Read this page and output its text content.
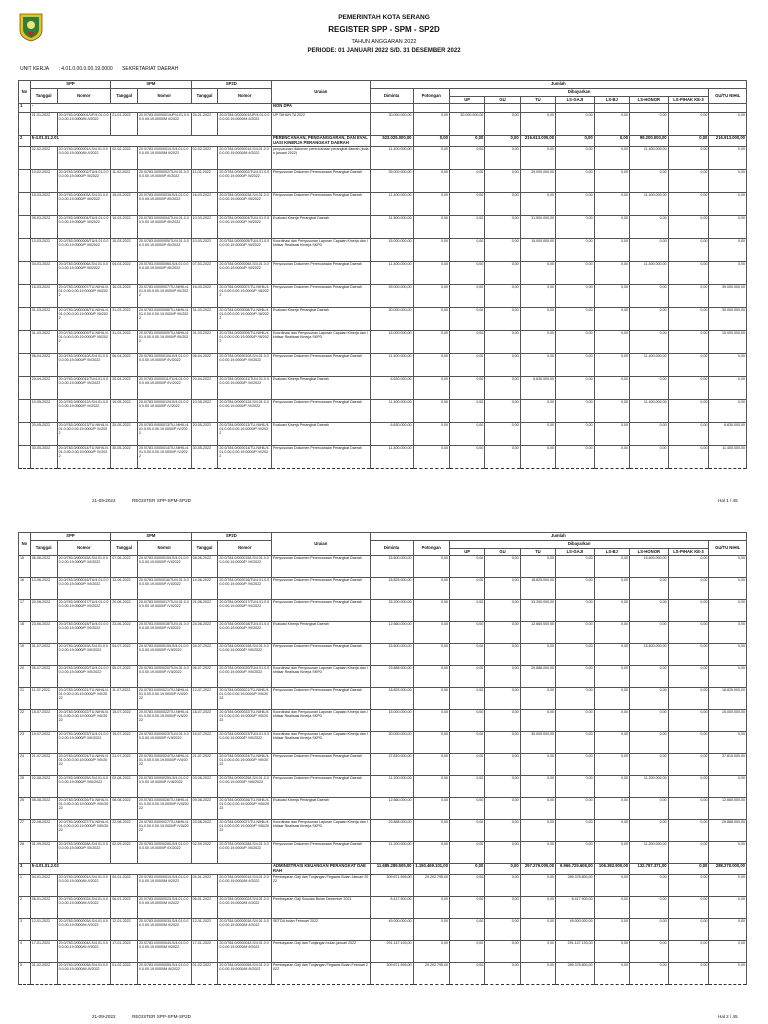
PEMERINTAH KOTA SERANG
REGISTER SPP - SPM - SP2D
TAHUN ANGGARAN 2022
PERIODE: 01 JANUARI 2022 S/D. 31 DESEMBER 2022
UNIT KERJA : 4.01.0.00.0.00.19.0000 SEKRETARIAT DAERAH
No	SPP		SPM		SP2D		Uraian	Jumlah									
	Tanggal	Nomor	Tanggal	Nomor	Tanggal	Nomor		Diminta	Potongan	Dibayarkan							GU/TU NIHIL
										UP	GU	TU	LS-GAJI	LS-BJ	LS-HONOR	LS-PIHAK KE-3	
1	-						NON DPA										
	21-01-2022	20.0/783.0/000001/UP/4.01.0.00.0.00.19.0000/M /I/2022	21-01-2022	20.0/783.0/000001/UP/4.01.0.00.0.00.19.0000/M /I/2022	24-01-2022	20.0/784.0/000001/UP/4.01.0.00.0.00.19.0000/M /I/2022	UP TAHUN TA 2022	30.000.000,00	0,00	30.000.000,00	0,00	0,00	0,00	0,00	0,00	0,00	0,00
2	5-4.01.01.2.01						PERENCANAAN, PENGANGGARAN, DAN EVALUASI KINERJA PERANGKAT DAERAH	523.025.000,00	0,00	0,00	0,00	216.613.000,00	0,00	0,00	99.200.000,00	0,00	216.913.000,00
	02-02-2022	20.0/783.0/000001/LS/4.01.0.00.0.00.19.0000/M /I/2022	02-02-2022	20.0/783.0/000001/LS/4.01.0.00.0.00.19.0000/M /I/2022	02-02-2022	20.0/784.0/000001/LS/4.01.0.00.0.00.19.0000/M /I/2022	penyusunan dokumen perencanaan perangkat daerah (bulan januari 2022)	11.400.000,00	0,00	0,00	0,00	0,00	0,00	0,00	11.400.000,00	0,00	0,00
	10-02-2022	20.0/783.0/000002/TU/4.01.0.00.0.00.19.0000/P /II/2022	11-02-2022	20.0/783.0/000002/TU/4.01.0.00.0.00.19.0000/P /II/2022	11-02-2022	20.0/784.0/000002/TU/4.01.0.00.0.00.19.0000/P /II/2022	Penyusunan Dokumen Perencanaan Perangkat Daerah	39.000.000,00	0,00	0,00	0,00	39.000.000,00	0,00	0,00	0,00	0,00	0,00
	15-03-2022	20.0/783.0/000003/LS/4.01.0.00.0.00.19.0000/P /III/2022	15-03-2022	20.0/783.0/000003/LS/4.01.0.00.0.00.19.0000/P /III/2022	16-03-2022	20.0/784.0/000003/LS/4.01.0.00.0.00.19.0000/P /III/2022	Penyusunan Dokumen Perencanaan Perangkat Daerah	11.400.000,00	0,00	0,00	0,00	0,00	0,00	0,00	11.400.000,00	0,00	0,00
	09-03-2022	20.0/783.0/000004/TU/4.01.0.00.0.00.19.0000/P /III/2022	10-03-2022	20.0/783.0/000004/TU/4.01.0.00.0.00.19.0000/P /III/2022	10-03-2022	20.0/784.0/000004/TU/4.01.0.00.0.00.19.0000/P /III/2022	Evaluasi Kinerja Perangkat Daerah	31.500.000,00	0,00	0,00	0,00	31.500.000,00	0,00	0,00	0,00	0,00	0,00
	10-03-2022	20.0/783.0/000005/TU/4.01.0.00.0.00.19.0000/P /III/2022	10-03-2022	20.0/783.0/000005/TU/4.01.0.00.0.00.19.0000/P /III/2022	10-03-2022	20.0/784.0/000005/TU/4.01.0.00.0.00.19.0000/P /III/2022	Koordinasi dan Penyusunan Laporan Capaian Kinerja dan Ikhtisar Realisasi Kinerja SKPD	15.000.000,00	0,00	0,00	0,00	15.000.000,00	0,00	0,00	0,00	0,00	0,00
	04-03-2022	20.0/783.0/000006/LS/4.01.0.00.0.00.19.0000/P /III/2022	04-03-2022	20.0/783.0/000006/LS/4.01.0.00.0.00.19.0000/P /III/2022	07-03-2022	20.0/784.0/000006/LS/4.01.0.00.0.00.19.0000/P /III/2022	Penyusunan Dokumen Perencanaan Perangkat Daerah	11.400.000,00	0,00	0,00	0,00	0,00	0,00	0,00	11.400.000,00	0,00	0,00
	16-03-2022	20.0/783.0/000007/TU-NIHIL/4.01.0.00.0.00.19.0000/P /III/2022	16-03-2022	20.0/783.0/000007/TU-NIHIL/4.01.0.00.0.00.19.0000/P /III/2022	16-03-2022	20.0/784.0/000007/TU-NIHIL/4.01.0.00.0.00.19.0000/P /III/2022	Penyusunan Dokumen Perencanaan Perangkat Daerah	39.000.000,00	0,00	0,00	0,00	0,00	0,00	0,00	0,00	0,00	39.000.000,00
	31-03-2022	20.0/783.0/000008/TU-NIHIL/4.01.0.00.0.00.19.0000/P /III/2022	31-03-2022	20.0/783.0/000008/TU-NIHIL/4.01.0.00.0.00.19.0000/P /III/2022	31-03-2022	20.0/784.0/000008/TU-NIHIL/4.01.0.00.0.00.19.0000/P /III/2022	Evaluasi Kinerja Perangkat Daerah	30.000.000,00	0,00	0,00	0,00	0,00	0,00	0,00	0,00	0,00	30.000.000,00
	31-03-2022	20.0/783.0/000009/TU-NIHIL/4.01.0.00.0.00.19.0000/P /III/2022	31-03-2022	20.0/783.0/000009/TU-NIHIL/4.01.0.00.0.00.19.0000/P /III/2022	31-03-2022	20.0/784.0/000009/TU-NIHIL/4.01.0.00.0.00.19.0000/P /III/2022	Koordinasi dan Penyusunan Laporan Capaian Kinerja dan Ikhtisar Realisasi Kinerja SKPD	15.000.000,00	0,00	0,00	0,00	0,00	0,00	0,00	0,00	0,00	15.000.000,00
	06-04-2022	20.0/783.0/000010/LS/4.01.0.00.0.00.19.0000/P /IV/2022	06-04-2022	20.0/783.0/000010/LS/4.01.0.00.0.00.19.0000/P /IV/2022	06-04-2022	20.0/784.0/000010/LS/4.01.0.00.0.00.19.0000/P /IV/2022	Penyusunan Dokumen Perencanaan Perangkat Daerah	11.400.000,00	0,00	0,00	0,00	0,00	0,00	0,00	11.400.000,00	0,00	0,00
	20-04-2022	20.0/783.0/000011/TU/4.01.0.00.0.00.19.0000/P /IV/2022	20-04-2022	20.0/783.0/000011/TU/4.01.0.00.0.00.19.0000/P /IV/2022	20-04-2022	20.0/784.0/000011/TU/4.01.0.00.0.00.19.0000/P /IV/2022	Evaluasi Kinerja Perangkat Daerah	6.630.000,00	0,00	0,00	0,00	6.630.000,00	0,00	0,00	0,00	0,00	0,00
	10-05-2022	20.0/783.0/000012/LS/4.01.0.00.0.00.19.0000/P /V/2022	10-05-2022	20.0/783.0/000012/LS/4.01.0.00.0.00.19.0000/P /V/2022	10-05-2022	20.0/784.0/000012/LS/4.01.0.00.0.00.19.0000/P /V/2022	Penyusunan Dokumen Perencanaan Perangkat Daerah	11.400.000,00	0,00	0,00	0,00	0,00	0,00	0,00	11.400.000,00	0,00	0,00
	20-05-2022	20.0/783.0/000013/TU-NIHIL/4.01.0.00.0.00.19.0000/P /V/2022	20-05-2022	20.0/783.0/000013/TU-NIHIL/4.01.0.00.0.00.19.0000/P /V/2022	20-05-2022	20.0/784.0/000013/TU-NIHIL/4.01.0.00.0.00.19.0000/P /V/2022	Evaluasi Kinerja Perangkat Daerah	6.630.000,00	0,00	0,00	0,00	0,00	0,00	0,00	0,00	0,00	6.630.000,00
	30-05-2022	20.0/783.0/000014/TU-NIHIL/4.01.0.00.0.00.19.0000/P /V/2022	30-05-2022	20.0/783.0/000014/TU-NIHIL/4.01.0.00.0.00.19.0000/P /V/2022	30-05-2022	20.0/784.0/000014/TU-NIHIL/4.01.0.00.0.00.19.0000/P /V/2022	Penyusunan Dokumen Perencanaan Perangkat Daerah	11.400.000,00	0,00	0,00	0,00	0,00	0,00	0,00	0,00	0,00	11.400.000,00
21-09-2022	REGISTER SPP-SPM-SP2D	Hal 1 / 45
No	SPP		SPM		SP2D		Uraian	Jumlah									
	Tanggal	Nomor	Tanggal	Nomor	Tanggal	Nomor		Diminta	Potongan	Dibayarkan							GU/TU NIHIL
										UP	GU	TU	LS-GAJI	LS-BJ	LS-HONOR	LS-PIHAK KE-3	
15	06-06-2022	20.0/783.0/000015/LS/4.01.0.00.0.00.19.0000/P /VI/2022	07-06-2022	20.0/783.0/000015/LS/4.01.0.00.0.00.19.0000/P /VI/2022	08-06-2022	20.0/784.0/000015/LS/4.01.0.00.0.00.19.0000/P /VI/2022	Penyusunan Dokumen Perencanaan Perangkat Daerah	15.600.000,00	0,00	0,00	0,00	0,00	0,00	0,00	15.600.000,00	0,00	0,00
16	13-06-2022	20.0/783.0/000016/TU/4.01.0.00.0.00.19.0000/P /VI/2022	13-06-2022	20.0/783.0/000016/TU/4.01.0.00.0.00.19.0000/P /VI/2022	14-06-2022	20.0/784.0/000016/TU/4.01.0.00.0.00.19.0000/P /VI/2022	Penyusunan Dokumen Perencanaan Perangkat Daerah	18.825.000,00	0,00	0,00	0,00	18.825.000,00	0,00	0,00	0,00	0,00	0,00
17	20-06-2022	20.0/783.0/000017/TU/4.01.0.00.0.00.19.0000/P /VI/2022	20-06-2022	20.0/783.0/000017/TU/4.01.0.00.0.00.19.0000/P /VI/2022	21-06-2022	20.0/784.0/000017/TU/4.01.0.00.0.00.19.0000/P /VI/2022	Penyusunan Dokumen Perencanaan Perangkat Daerah	33.200.000,00	0,00	0,00	0,00	33.200.000,00	0,00	0,00	0,00	0,00	0,00
18	23-06-2022	20.0/783.0/000018/TU/4.01.0.00.0.00.19.0000/P /VI/2022	23-06-2022	20.0/783.0/000018/TU/4.01.0.00.0.00.19.0000/P /VI/2022	24-06-2022	20.0/784.0/000018/TU/4.01.0.00.0.00.19.0000/P /VI/2022	Evaluasi Kinerja Perangkat Daerah	12.660.000,00	0,00	0,00	0,00	12.660.000,00	0,00	0,00	0,00	0,00	0,00
19	01-07-2022	20.0/783.0/000019/LS/4.01.0.00.0.00.19.0000/P /VII/2022	04-07-2022	20.0/783.0/000019/LS/4.01.0.00.0.00.19.0000/P /VII/2022	04-07-2022	20.0/784.0/000019/LS/4.01.0.00.0.00.19.0000/P /VII/2022	Penyusunan Dokumen Perencanaan Perangkat Daerah	15.600.000,00	0,00	0,00	0,00	0,00	0,00	0,00	15.600.000,00	0,00	0,00
20	05-07-2022	20.0/783.0/000020/TU/4.01.0.00.0.00.19.0000/P /VII/2022	05-07-2022	20.0/783.0/000020/TU/4.01.0.00.0.00.19.0000/P /VII/2022	06-07-2022	20.0/784.0/000020/TU/4.01.0.00.0.00.19.0000/P /VII/2022	Koordinasi dan Penyusunan Laporan Capaian Kinerja dan Ikhtisar Realisasi Kinerja SKPD	29.888.000,00	0,00	0,00	0,00	29.888.000,00	0,00	0,00	0,00	0,00	0,00
21	11-07-2022	20.0/783.0/000021/TU-NIHIL/4.01.0.00.0.00.19.0000/P /VII/2022	11-07-2022	20.0/783.0/000021/TU-NIHIL/4.01.0.00.0.00.19.0000/P /VII/2022	12-07-2022	20.0/784.0/000021/TU-NIHIL/4.01.0.00.0.00.19.0000/P /VII/2022	Penyusunan Dokumen Perencanaan Perangkat Daerah	18.825.000,00	0,00	0,00	0,00	0,00	0,00	0,00	0,00	0,00	18.825.000,00
22	15-07-2022	20.0/783.0/000022/TU-NIHIL/4.01.0.00.0.00.19.0000/P /VII/2022	15-07-2022	20.0/783.0/000022/TU-NIHIL/4.01.0.00.0.00.19.0000/P /VII/2022	18-07-2022	20.0/784.0/000022/TU-NIHIL/4.01.0.00.0.00.19.0000/P /VII/2022	Koordinasi dan Penyusunan Laporan Capaian Kinerja dan Ikhtisar Realisasi Kinerja SKPD	15.000.000,00	0,00	0,00	0,00	0,00	0,00	0,00	0,00	0,00	15.000.000,00
23	19-07-2022	20.0/783.0/000023/TU/4.01.0.00.0.00.19.0000/P /VII/2022	19-07-2022	20.0/783.0/000023/TU/4.01.0.00.0.00.19.0000/P /VII/2022	19-07-2022	20.0/784.0/000023/TU/4.01.0.00.0.00.19.0000/P /VII/2022	Koordinasi dan Penyusunan Laporan Capaian Kinerja dan Ikhtisar Realisasi Kinerja SKPD	30.000.000,00	0,00	0,00	0,00	30.000.000,00	0,00	0,00	0,00	0,00	0,00
24	21-07-2022	20.0/783.0/000024/TU-NIHIL/4.01.0.00.0.00.19.0000/P /VII/2022	21-07-2022	20.0/783.0/000024/TU-NIHIL/4.01.0.00.0.00.19.0000/P /VII/2022	21-07-2022	20.0/784.0/000024/TU-NIHIL/4.01.0.00.0.00.19.0000/P /VII/2022	Penyusunan Dokumen Perencanaan Perangkat Daerah	37.810.000,00	0,00	0,00	0,00	0,00	0,00	0,00	0,00	0,00	37.810.000,00
25	02-08-2022	20.0/783.0/000025/LS/4.01.0.00.0.00.19.0000/P /VIII/2022	02-08-2022	20.0/783.0/000025/LS/4.01.0.00.0.00.19.0000/P /VIII/2022	03-08-2022	20.0/784.0/000025/LS/4.01.0.00.0.00.19.0000/P /VIII/2022	Penyusunan Dokumen Perencanaan Perangkat Daerah	11.200.000,00	0,00	0,00	0,00	0,00	0,00	0,00	11.200.000,00	0,00	0,00
26	08-08-2022	20.0/783.0/000026/TU-NIHIL/4.01.0.00.0.00.19.0000/P /VIII/2022	08-08-2022	20.0/783.0/000026/TU-NIHIL/4.01.0.00.0.00.19.0000/P /VIII/2022	09-08-2022	20.0/784.0/000026/TU-NIHIL/4.01.0.00.0.00.19.0000/P /VIII/2022	Evaluasi Kinerja Perangkat Daerah	12.660.000,00	0,00	0,00	0,00	0,00	0,00	0,00	0,00	0,00	12.660.000,00
27	22-08-2022	20.0/783.0/000027/TU-NIHIL/4.01.0.00.0.00.19.0000/P /VIII/2022	22-08-2022	20.0/783.0/000027/TU-NIHIL/4.01.0.00.0.00.19.0000/P /VIII/2022	23-08-2022	20.0/784.0/000027/TU-NIHIL/4.01.0.00.0.00.19.0000/P /VIII/2022	Koordinasi dan Penyusunan Laporan Capaian Kinerja dan Ikhtisar Realisasi Kinerja SKPD	29.888.000,00	0,00	0,00	0,00	0,00	0,00	0,00	0,00	0,00	29.888.000,00
28	01-09-2022	20.0/783.0/000028/LS/4.01.0.00.0.00.19.0000/P /IX/2022	02-09-2022	20.0/783.0/000028/LS/4.01.0.00.0.00.19.0000/P /IX/2022	02-09-2022	20.0/784.0/000028/LS/4.01.0.00.0.00.19.0000/P /IX/2022	Penyusunan Dokumen Perencanaan Perangkat Daerah	11.200.000,00	0,00	0,00	0,00	0,00	0,00	0,00	11.200.000,00	0,00	0,00
3	5-4.01.01.2.02						ADMINISTRASI KEUANGAN PERANGKAT DAERAH	11.685.289.505,00	1.150.469.101,00	0,00	0,00	257.279.000,00	9.966.729.608,00	106.383.900,00	132.787.371,00	0,00	288.270.000,00
1	04-01-2022	20.0/783.0/000001/LS/4.01.0.00.0.00.19.0000/M /I/2022	04-01-2022	20.0/783.0/000001/LS/4.01.0.00.0.00.19.0000/M /I/2022	04-01-2022	20.0/784.0/000001/LS/4.01.0.00.0.00.19.0000/M /I/2022	Pembayaran Gaji dan Tunjangan Pegawai Bulan Januari 2022	309.671.595,00	20.292.795,00	0,00	0,00	0,00	289.378.800,00	0,00	0,00	0,00	0,00
2	06-01-2022	20.0/783.0/000002/LS/4.01.0.00.0.00.19.0000/M /I/2022	06-01-2022	20.0/783.0/000002/LS/4.01.0.00.0.00.19.0000/M /I/2022	06-01-2022	20.0/784.0/000002/LS/4.01.0.00.0.00.19.0000/M /I/2022	Pembayaran Gaji Susulan Bulan Desember 2021	8.417.900,00	0,00	0,00	0,00	0,00	8.417.900,00	0,00	0,00	0,00	0,00
3	12-01-2022	20.0/783.0/000003/LS/4.01.0.00.0.00.19.0000/M /I/2022	12-01-2022	20.0/783.0/000003/LS/4.01.0.00.0.00.19.0000/M /I/2022	12-01-2022	20.0/784.0/000003/LS/4.01.0.00.0.00.19.0000/M /I/2022	SETDA bulan Februari 2022	49.000.000,00	0,00	0,00	0,00	0,00	49.000.000,00	0,00	0,00	0,00	0,00
4	17-01-2022	20.0/783.0/000004/LS/4.01.0.00.0.00.19.0000/M /I/2022	17-01-2022	20.0/783.0/000004/LS/4.01.0.00.0.00.19.0000/M /I/2022	17-01-2022	20.0/784.0/000004/LS/4.01.0.00.0.00.19.0000/M /I/2022	Pembayaran Gaji dan Tunjangan bulan januari 2022	291.147.193,00	0,00	0,00	0,00	0,00	291.147.193,00	0,00	0,00	0,00	0,00
5	01-02-2022	20.0/783.0/000005/LS/4.01.0.00.0.00.19.0000/M /II/2022	01-02-2022	20.0/783.0/000005/LS/4.01.0.00.0.00.19.0000/M /II/2022	01-02-2022	20.0/784.0/000005/LS/4.01.0.00.0.00.19.0000/M /II/2022	Pembayaran Gaji dan Tunjangan Pegawai Bulan Februari 2022	309.671.595,00	20.292.795,00	0,00	0,00	0,00	289.378.800,00	0,00	0,00	0,00	0,00
21-09-2022	REGISTER SPP-SPM-SP2D	Hal 2 / 45
